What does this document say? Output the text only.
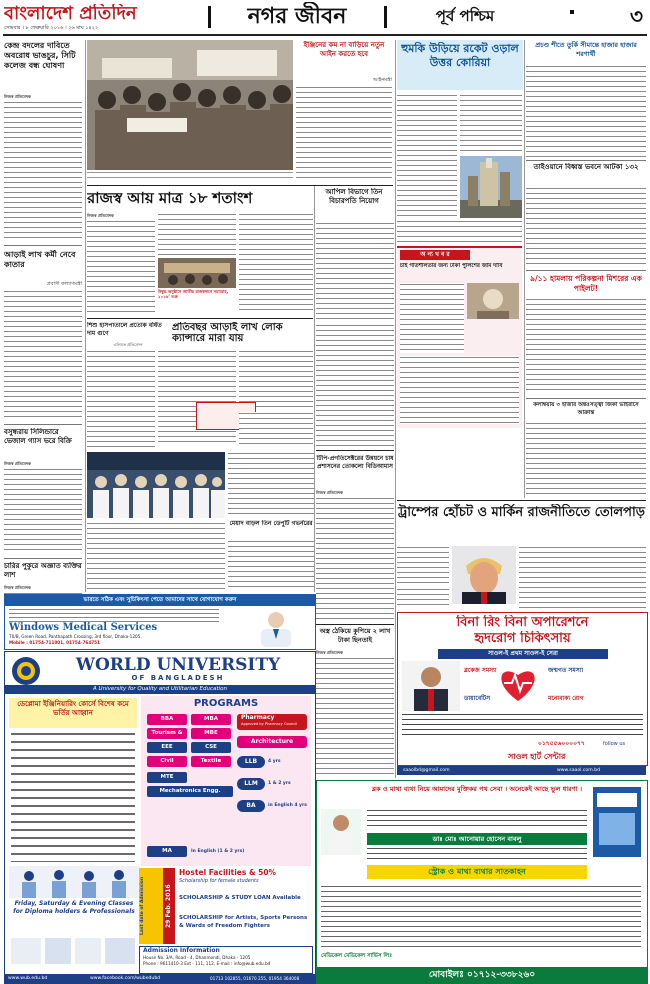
বাংলাদেশ প্রতিদিন
সোমবার । ৮ ফেব্রুয়ারি ২০১৬ । ২৬ মাঘ ১৪২২	নগর জীবন	পূর্ব পশ্চিম	৩
কেন্দ্র বদলের দাবিতে অবরোধ ভাঙচুর, সিটি কলেজ বন্ধ ঘোষণা
নিজস্ব প্রতিবেদক
আড়াই লাখ কর্মী নেবে কাতার
প্রবাসী কল্যাণমন্ত্রী
বসুন্ধরায় সিলিন্ডারে ভেজাল গ্যাস ভরে বিক্রি
নিজস্ব প্রতিবেদক
চারির পুকুরে অজ্ঞাত ব্যক্তির লাশ
নিজস্ব প্রতিবেদক
ইঞ্জিনের কম না বাড়িয়ে নতুন আইন করতে হবে
আইনমন্ত্রী
রাজস্ব আয় মাত্র ১৮ শতাংশ	আপিল বিভাগে তিন বিচারপতি নিয়োগ
নিজস্ব প্রতিবেদক
উদ্বুদ্ধ অনুষ্ঠানে জাতীয় রাজস্বদানে সমারোহ, ২০১৬’ শুরু
শিশু হাসপাতালে প্রত্যেক বর্ধিত দাম গুণে
এলিমত প্রতিবেদন
প্রতিবছর আড়াই লাখ লোক ক্যান্সারে মারা যায়
মেয়াদ বাড়ল তিন ডেপুটি গভর্নরের
টিপি-প্রগতিসেক্টরের উন্নয়নে চাষ প্রশাসনের তোকলো বিডিআমাস
নিজস্ব প্রতিবেদক
ভারতে সঠিক এবং সুচিকিৎসা পেতে আমাদের সাথে যোগাযোগ করুন
Windows Medical Services
70/B, Green Road, Panthapath Crossing, 3rd floor, Dhaka-1205.
Mobile : 01754-711001, 01754-764751
WORLD UNIVERSITY
OF BANGLADESH
A University for Quality and Utilitarian Education
ডেপ্লোমা ইঞ্জিনিয়ারিং কোর্সে বিশেষ কমে ভর্তির আহ্বান
PROGRAMS
BBA	MBA
Tourism &	MBE
EEE	CSE
Civil	Textile
MTE
Mechatronics Engg.
MA	In English (1 & 2 yrs)
Pharmacy
Approved by Pharmacy Council
Architecture
LLB	4 yrs
LLM	1 & 2 yrs
BA	in English 4 yrs
Friday, Saturday & Evening Classes for Diploma holders & Professionals	Last date of Admission	29 Feb. 2016
Hostel Facilities & 50%
Scholarship for female students
SCHOLARSHIP & STUDY LOAN Available
SCHOLARSHIP for Artists, Sports Persons & Wards of Freedom Fighters
Admission Information
House No. 3/A, Road - 4, Dhanmondi, Dhaka - 1205
Phone : 9611410-3 Ext - 111, 112, E-mail : info@wub.edu.bd
www.wub.edu.bd	www.facebook.com/wubedubd	01713 102855, 01670 255, 01954 364008
হুমকি উড়িয়ে রকেট ওড়াল উত্তর কোরিয়া
অ ন্য খ ব র
চাই গতিশীলতার জন্য ঢাকা পুলিশের জমি দাবি
প্রচণ্ড শীতে তুর্কি সীমান্তে হাজার হাজার শরণার্থী
তাইওয়ানে বিধ্বস্ত ভবনে আটকা ১৩২
৯/১১ হামলায় পরিকল্পনা মিশরের এক পাইলট!
কলম্বিয়ায় ৩ হাজার অন্তঃসত্ত্বা জিকা ভাইরাসে আক্রান্ত
ট্রাম্পের হোঁচট ও মার্কিন রাজনীতিতে তোলপাড়
অস্ত্র ঠেকিয়ে কুপিয়ে ২ লাখ টাকা ছিনতাই
নিজস্ব প্রতিবেদক
বিনা রিং বিনা অপারেশনে
হৃদরোগ চিকিৎসায়
সাওল-ই প্রথম সাওল-ই সেরা
ব্লকেজ সমস্যা	জন্মগত সমস্যা
ডায়াবেটিস	মনোবাক্য রোগ
০১৭৫৫৬০০০০৭৭	follow us
সাওল হার্ট সেন্টার
saaolbd@gmail.com	www.saaol.com.bd
ব্লক ও মাথা ব্যথা নিয়ে আমাদের মুক্তিকর পথ সেবা । অনেকেই আছে ভুল ধারণা ।
ডাঃ মোঃ আনোয়ার হোসেন বাবলু
স্ট্রোক ও মাথা ব্যথার সাতকাহন
মেডিকেল মেডিকেল সার্ভিস লিঃ
মোবাইলঃ ০১৭১২-৩৩৮২৬০
